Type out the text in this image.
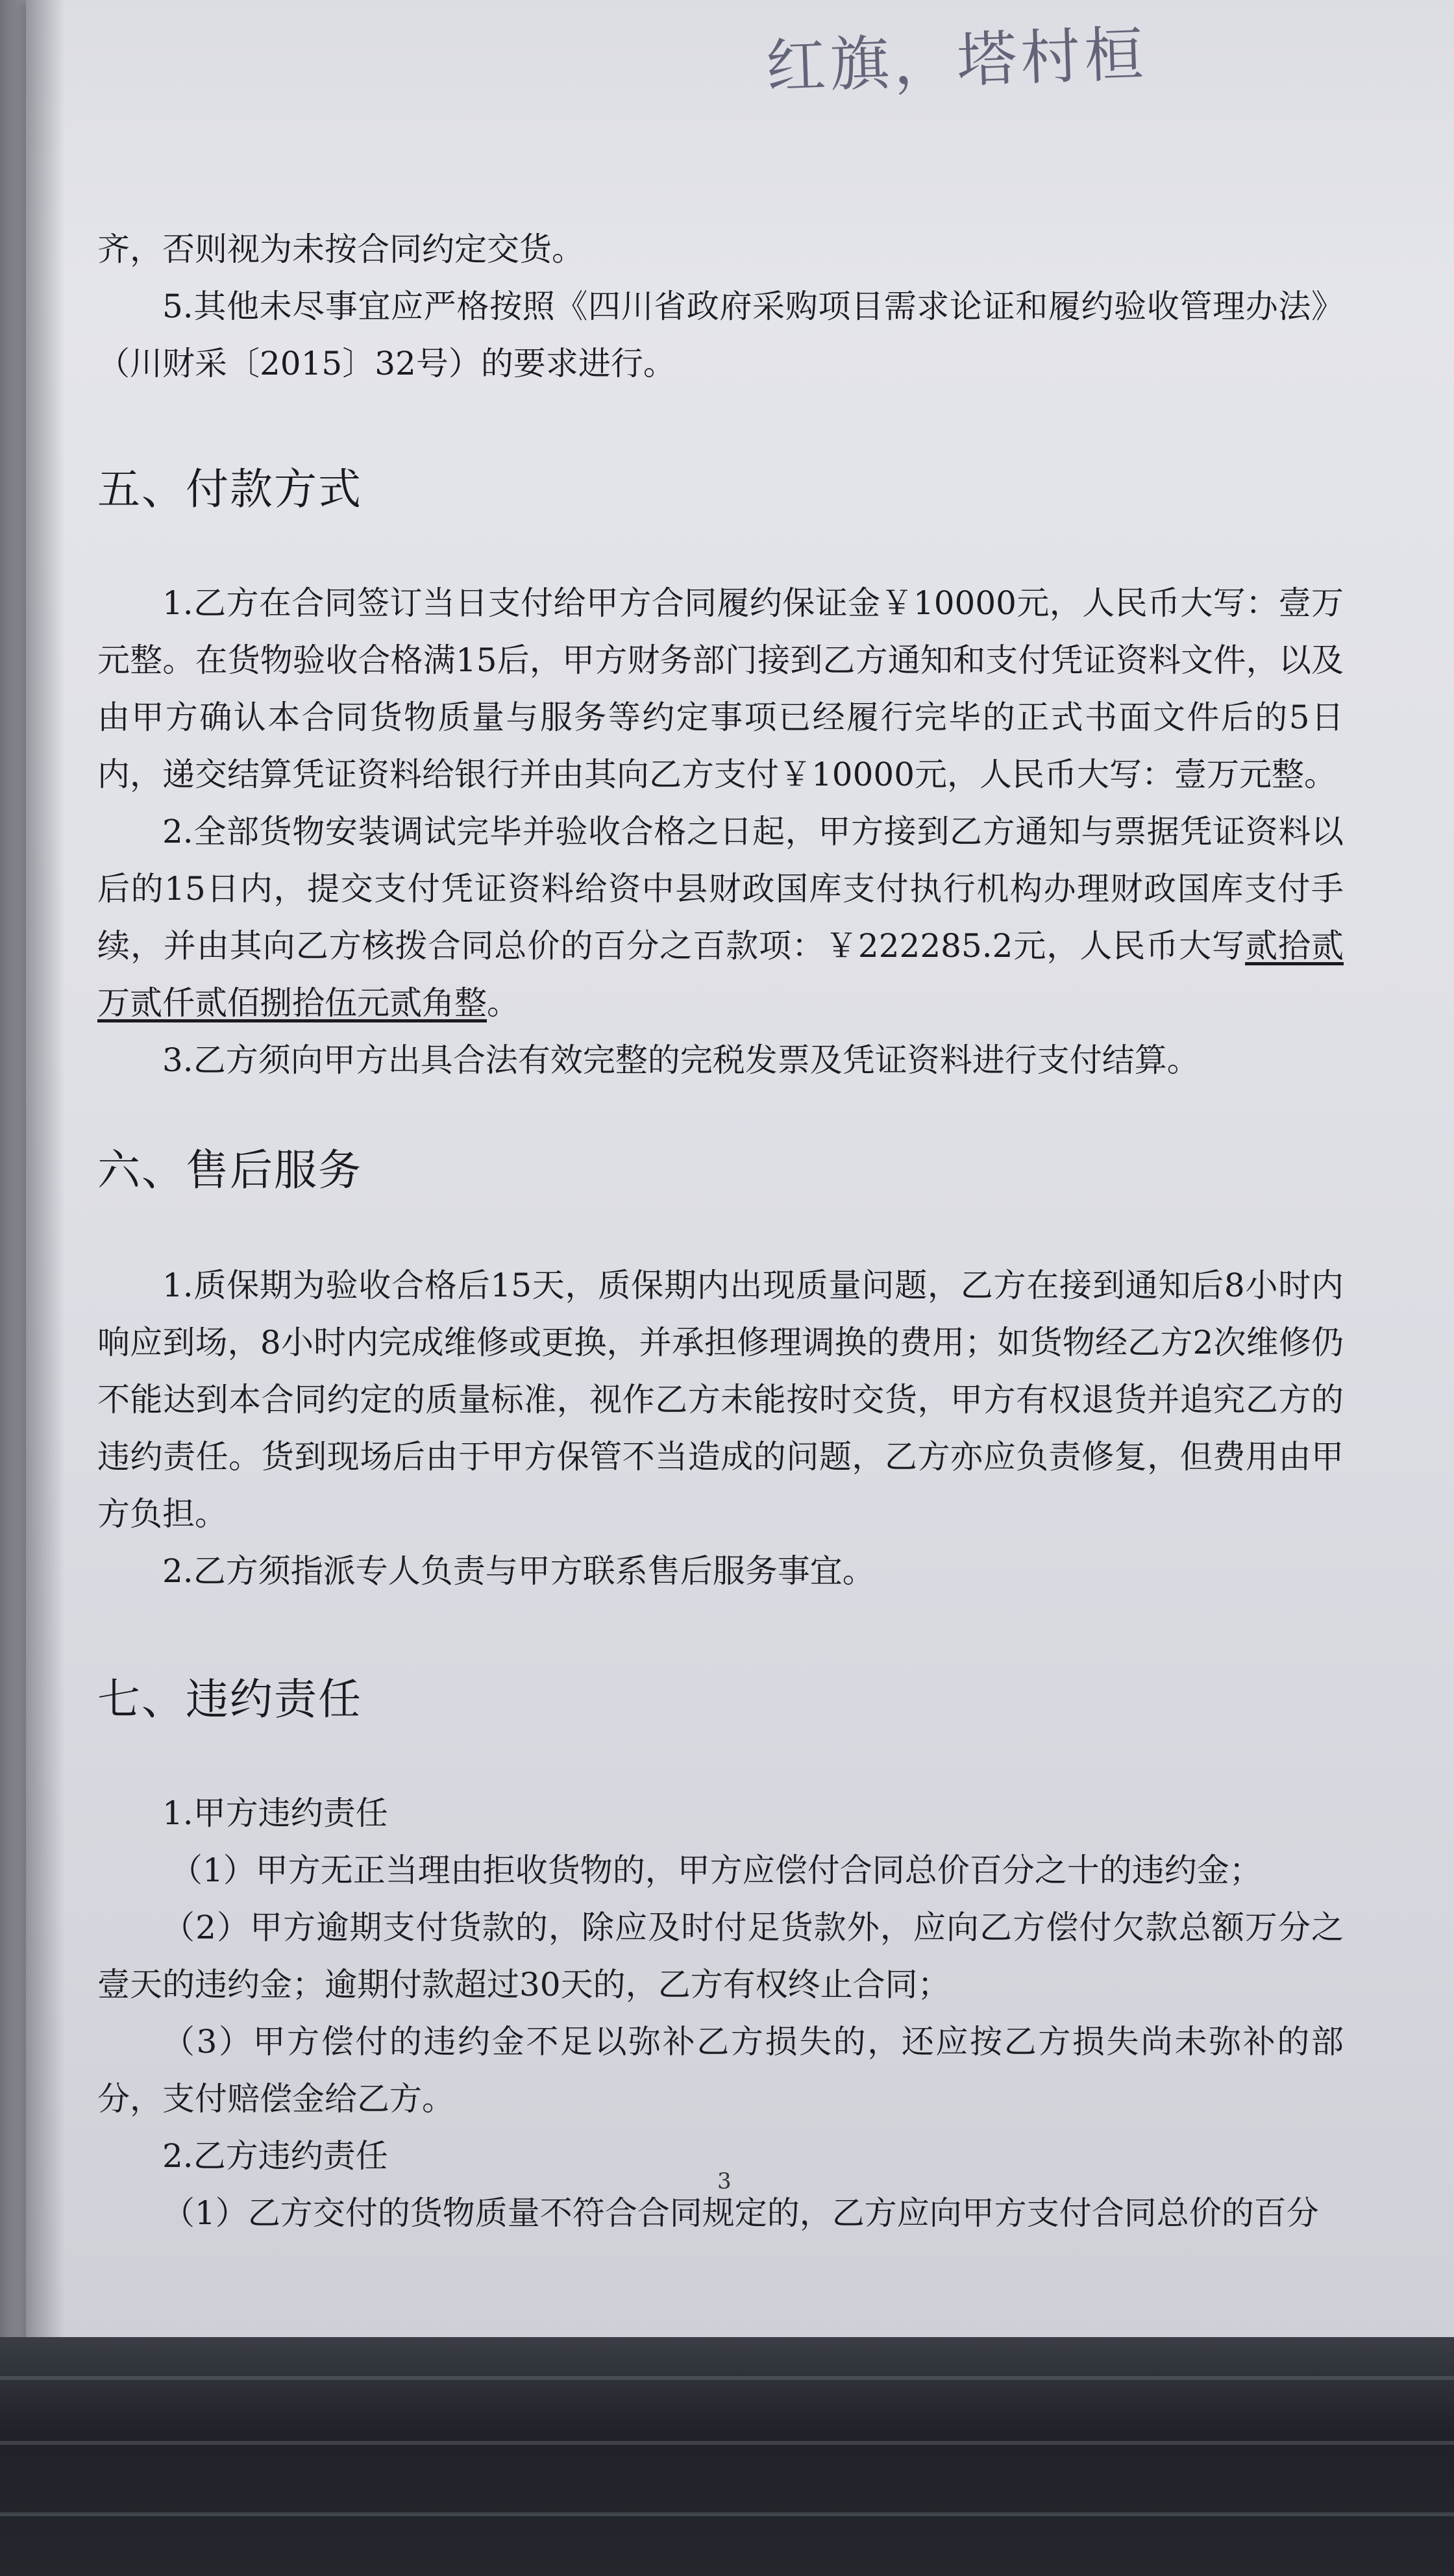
红旗，塔村桓

齐，否则视为未按合同约定交货。

5.其他未尽事宜应严格按照《四川省政府采购项目需求论证和履约验收管理办法》（川财采〔2015〕32号）的要求进行。

五、付款方式

1.乙方在合同签订当日支付给甲方合同履约保证金￥10000元，人民币大写：壹万元整。在货物验收合格满15后，甲方财务部门接到乙方通知和支付凭证资料文件，以及由甲方确认本合同货物质量与服务等约定事项已经履行完毕的正式书面文件后的5日内，递交结算凭证资料给银行并由其向乙方支付￥10000元，人民币大写：壹万元整。

2.全部货物安装调试完毕并验收合格之日起，甲方接到乙方通知与票据凭证资料以后的15日内，提交支付凭证资料给资中县财政国库支付执行机构办理财政国库支付手续，并由其向乙方核拨合同总价的百分之百款项：￥222285.2元，人民币大写贰拾贰万贰仟贰佰捌拾伍元贰角整。

3.乙方须向甲方出具合法有效完整的完税发票及凭证资料进行支付结算。

六、售后服务

1.质保期为验收合格后15天，质保期内出现质量问题，乙方在接到通知后8小时内响应到场，8小时内完成维修或更换，并承担修理调换的费用；如货物经乙方2次维修仍不能达到本合同约定的质量标准，视作乙方未能按时交货，甲方有权退货并追究乙方的违约责任。货到现场后由于甲方保管不当造成的问题，乙方亦应负责修复，但费用由甲方负担。

2.乙方须指派专人负责与甲方联系售后服务事宜。

七、违约责任

1.甲方违约责任

（1）甲方无正当理由拒收货物的，甲方应偿付合同总价百分之十的违约金；

（2）甲方逾期支付货款的，除应及时付足货款外，应向乙方偿付欠款总额万分之壹天的违约金；逾期付款超过30天的，乙方有权终止合同；

（3）甲方偿付的违约金不足以弥补乙方损失的，还应按乙方损失尚未弥补的部分，支付赔偿金给乙方。

2.乙方违约责任

（1）乙方交付的货物质量不符合合同规定的，乙方应向甲方支付合同总价的百分

3
